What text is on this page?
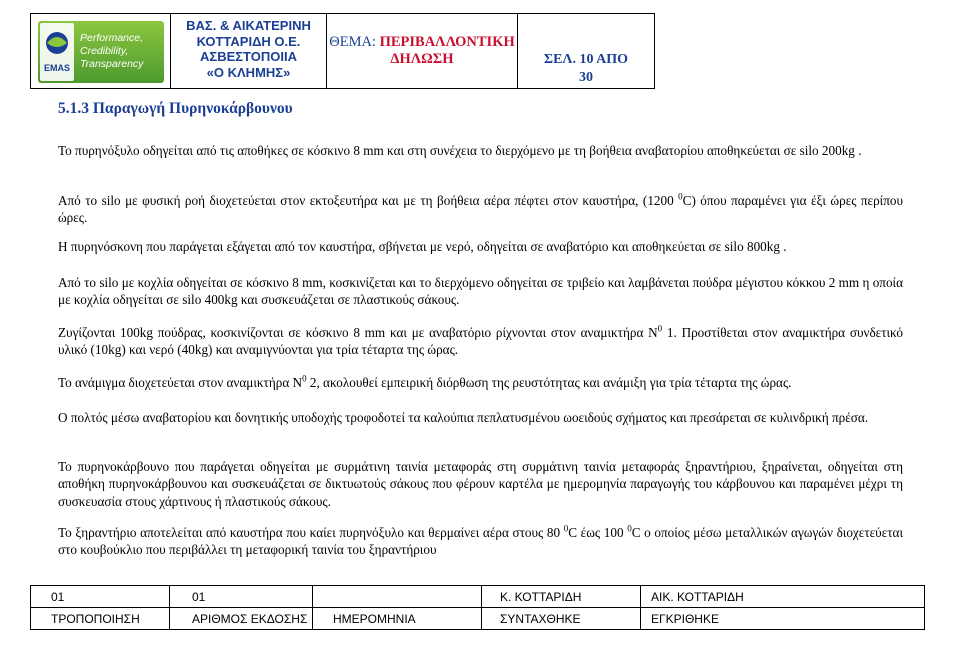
EMAS
Performance,
Credibility,
Transparency
ΒΑΣ. & ΑΙΚΑΤΕΡΙΝΗ
ΚΟΤΤΑΡΙΔΗ Ο.Ε.
ΑΣΒΕΣΤΟΠΟΙΙΑ
«Ο ΚΛΗΜΗΣ»
ΘΕΜΑ: ΠΕΡΙΒΑΛΛΟΝΤΙΚΗ
ΔΗΛΩΣΗ	ΣΕΛ. 10 ΑΠΟ
30
5.1.3 Παραγωγή Πυρηνοκάρβουνου

Το πυρηνόξυλο οδηγείται από τις αποθήκες σε κόσκινο 8 mm και στη συνέχεια το διερχόμενο με τη βοήθεια αναβατορίου αποθηκεύεται σε silo 200kg .

Από το silo με φυσική ροή διοχετεύεται στον εκτοξευτήρα και με τη βοήθεια αέρα πέφτει στον καυστήρα, (1200 $^0$C) όπου παραμένει για έξι ώρες περίπου ώρες.

Η πυρηνόσκονη που παράγεται εξάγεται από τον καυστήρα, σβήνεται με νερό, οδηγείται σε αναβατόριο και αποθηκεύεται σε silo 800kg .

Από το silo με κοχλία οδηγείται σε κόσκινο 8 mm, κοσκινίζεται και το διερχόμενο οδηγείται σε τριβείο και λαμβάνεται πούδρα μέγιστου κόκκου 2 mm η οποία με κοχλία οδηγείται σε silo 400kg και συσκευάζεται σε πλαστικούς σάκους.

Ζυγίζονται 100kg πούδρας, κοσκινίζονται σε κόσκινο 8 mm και με αναβατόριο ρίχνονται στον αναμικτήρα $N^0$ 1. Προστίθεται στον αναμικτήρα συνδετικό υλικό (10kg) και νερό (40kg) και αναμιγνύονται για τρία τέταρτα της ώρας.

Το ανάμιγμα διοχετεύεται στον αναμικτήρα $N^0$ 2, ακολουθεί εμπειρική διόρθωση της ρευστότητας και ανάμιξη για τρία τέταρτα της ώρας.

Ο πολτός μέσω αναβατορίου και δονητικής υποδοχής τροφοδοτεί τα καλούπια πεπλατυσμένου ωοειδούς σχήματος και πρεσάρεται σε κυλινδρική πρέσα.

Το πυρηνοκάρβουνο που παράγεται οδηγείται με συρμάτινη ταινία μεταφοράς στη συρμάτινη ταινία μεταφοράς ξηραντήριου, ξηραίνεται, οδηγείται στη αποθήκη πυρηνοκάρβουνου και συσκευάζεται σε δικτυωτούς σάκους που φέρουν καρτέλα με ημερομηνία παραγωγής του κάρβουνου και παραμένει μέχρι τη συσκευασία στους χάρτινους ή πλαστικούς σάκους.

Το ξηραντήριο αποτελείται από καυστήρα που καίει πυρηνόξυλο και θερμαίνει αέρα στους 80 $^0$C έως 100 $^0$C ο οποίος μέσω μεταλλικών αγωγών διοχετεύεται στο κουβούκλιο που περιβάλλει τη μεταφορική ταινία του ξηραντήριου

01	01		Κ. ΚΟΤΤΑΡΙΔΗ	ΑΙΚ. ΚΟΤΤΑΡΙΔΗ
ΤΡΟΠΟΠΟΙΗΣΗ	ΑΡΙΘΜΟΣ ΕΚΔΟΣΗΣ	ΗΜΕΡΟΜΗΝΙΑ	ΣΥΝΤΑΧΘΗΚΕ	ΕΓΚΡΙΘΗΚΕ
